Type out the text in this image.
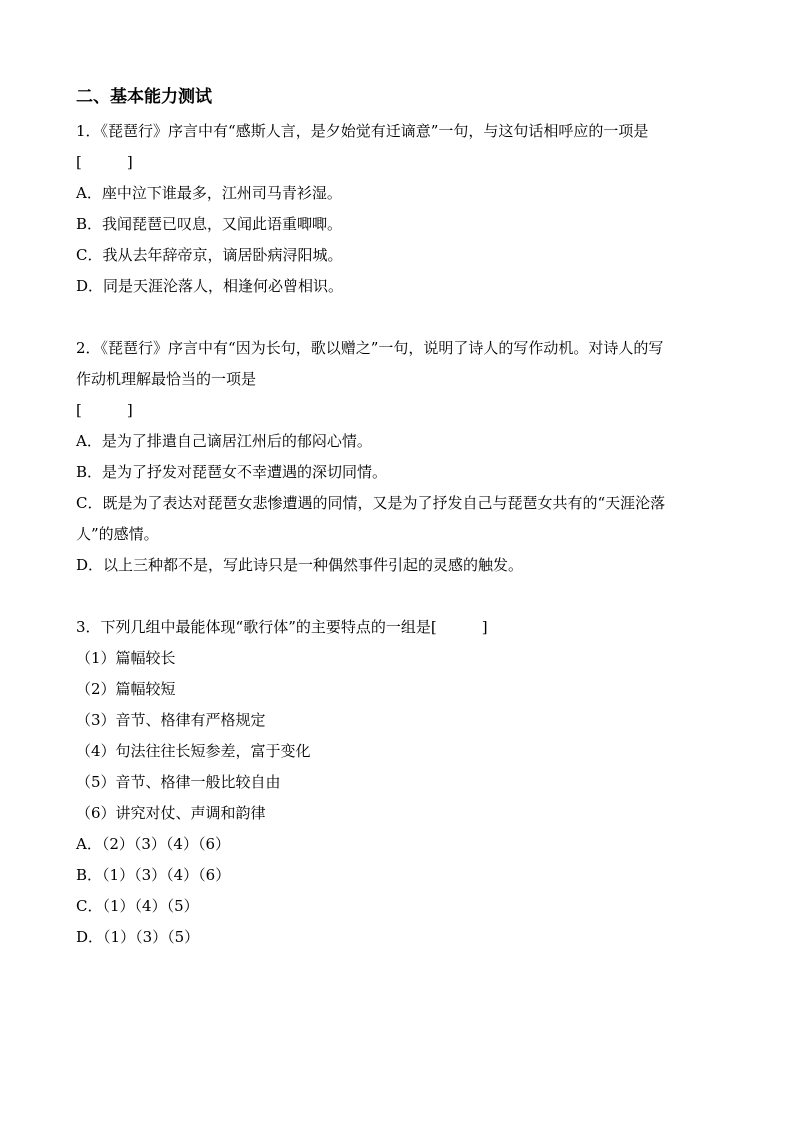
二、基本能力测试

1．《琵琶行》序言中有“感斯人言，是夕始觉有迁谪意”一句，与这句话相呼应的一项是

[　　　]

A．座中泣下谁最多，江州司马青衫湿。

B．我闻琵琶已叹息，又闻此语重唧唧。

C．我从去年辞帝京，谪居卧病浔阳城。

D．同是天涯沦落人，相逢何必曾相识。

2．《琵琶行》序言中有“因为长句，歌以赠之”一句，说明了诗人的写作动机。对诗人的写

作动机理解最恰当的一项是

[　　　]

A．是为了排遣自己谪居江州后的郁闷心情。

B．是为了抒发对琵琶女不幸遭遇的深切同情。

C．既是为了表达对琵琶女悲惨遭遇的同情，又是为了抒发自己与琵琶女共有的“天涯沦落

人”的感情。

D．以上三种都不是，写此诗只是一种偶然事件引起的灵感的触发。

3．下列几组中最能体现“歌行体”的主要特点的一组是[　　　]

（1）篇幅较长

（2）篇幅较短

（3）音节、格律有严格规定

（4）句法往往长短参差，富于变化

（5）音节、格律一般比较自由

（6）讲究对仗、声调和韵律

A．（2）（3）（4）（6）

B．（1）（3）（4）（6）

C．（1）（4）（5）

D．（1）（3）（5）
